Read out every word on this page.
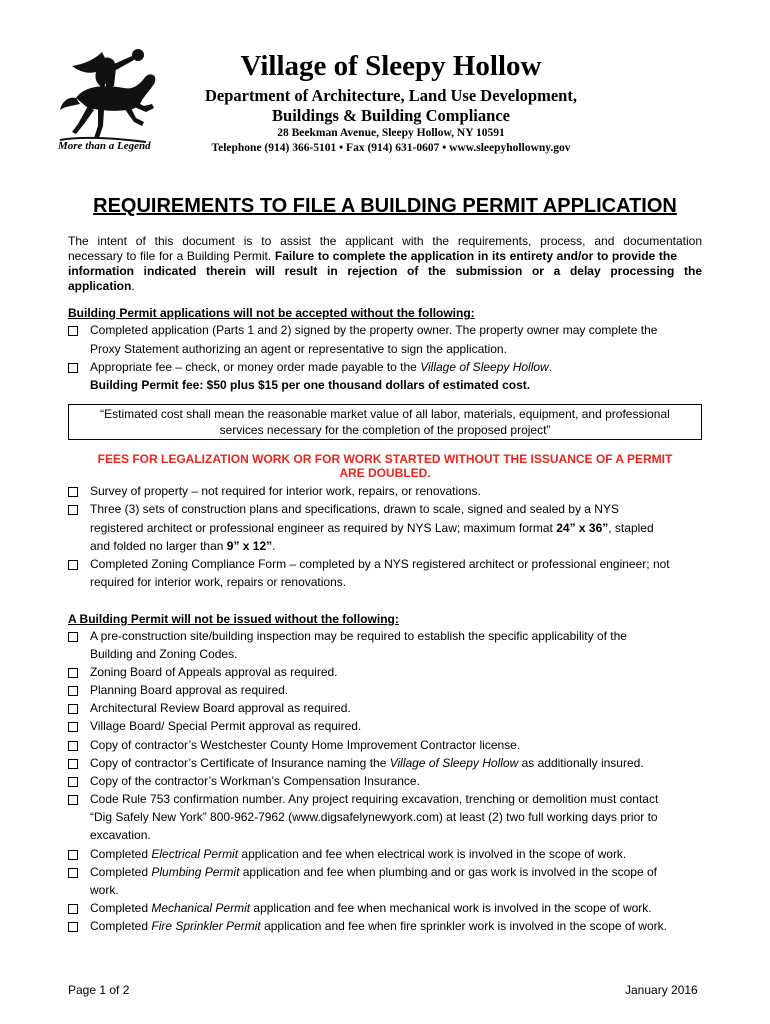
More than a Legend
Village of Sleepy Hollow
Department of Architecture, Land Use Development,
Buildings & Building Compliance
28 Beekman Avenue, Sleepy Hollow, NY 10591
Telephone (914) 366-5101 • Fax (914) 631-0607 • www.sleepyhollowny.gov
REQUIREMENTS TO FILE A BUILDING PERMIT APPLICATION
The intent of this document is to assist the applicant with the requirements, process, and documentation
necessary to file for a Building Permit. Failure to complete the application in its entirety and/or to provide the
information indicated therein will result in rejection of the submission or a delay processing the
application.
Building Permit applications will not be accepted without the following:
Completed application (Parts 1 and 2) signed by the property owner. The property owner may complete the
Proxy Statement authorizing an agent or representative to sign the application.
Appropriate fee – check, or money order made payable to the Village of Sleepy Hollow.
Building Permit fee: $50 plus $15 per one thousand dollars of estimated cost.
“Estimated cost shall mean the reasonable market value of all labor, materials, equipment, and professional
services necessary for the completion of the proposed project”
FEES FOR LEGALIZATION WORK OR FOR WORK STARTED WITHOUT THE ISSUANCE OF A PERMIT
ARE DOUBLED.
Survey of property – not required for interior work, repairs, or renovations.
Three (3) sets of construction plans and specifications, drawn to scale, signed and sealed by a NYS
registered architect or professional engineer as required by NYS Law; maximum format 24” x 36”, stapled
and folded no larger than 9” x 12”.
Completed Zoning Compliance Form – completed by a NYS registered architect or professional engineer; not
required for interior work, repairs or renovations.
A Building Permit will not be issued without the following:
A pre-construction site/building inspection may be required to establish the specific applicability of the
Building and Zoning Codes.
Zoning Board of Appeals approval as required.
Planning Board approval as required.
Architectural Review Board approval as required.
Village Board/ Special Permit approval as required.
Copy of contractor’s Westchester County Home Improvement Contractor license.
Copy of contractor’s Certificate of Insurance naming the Village of Sleepy Hollow as additionally insured.
Copy of the contractor’s Workman’s Compensation Insurance.
Code Rule 753 confirmation number. Any project requiring excavation, trenching or demolition must contact
“Dig Safely New York” 800-962-7962 (www.digsafelynewyork.com) at least (2) two full working days prior to
excavation.
Completed Electrical Permit application and fee when electrical work is involved in the scope of work.
Completed Plumbing Permit application and fee when plumbing and or gas work is involved in the scope of
work.
Completed Mechanical Permit application and fee when mechanical work is involved in the scope of work.
Completed Fire Sprinkler Permit application and fee when fire sprinkler work is involved in the scope of work.
Page 1 of 2	January 2016
